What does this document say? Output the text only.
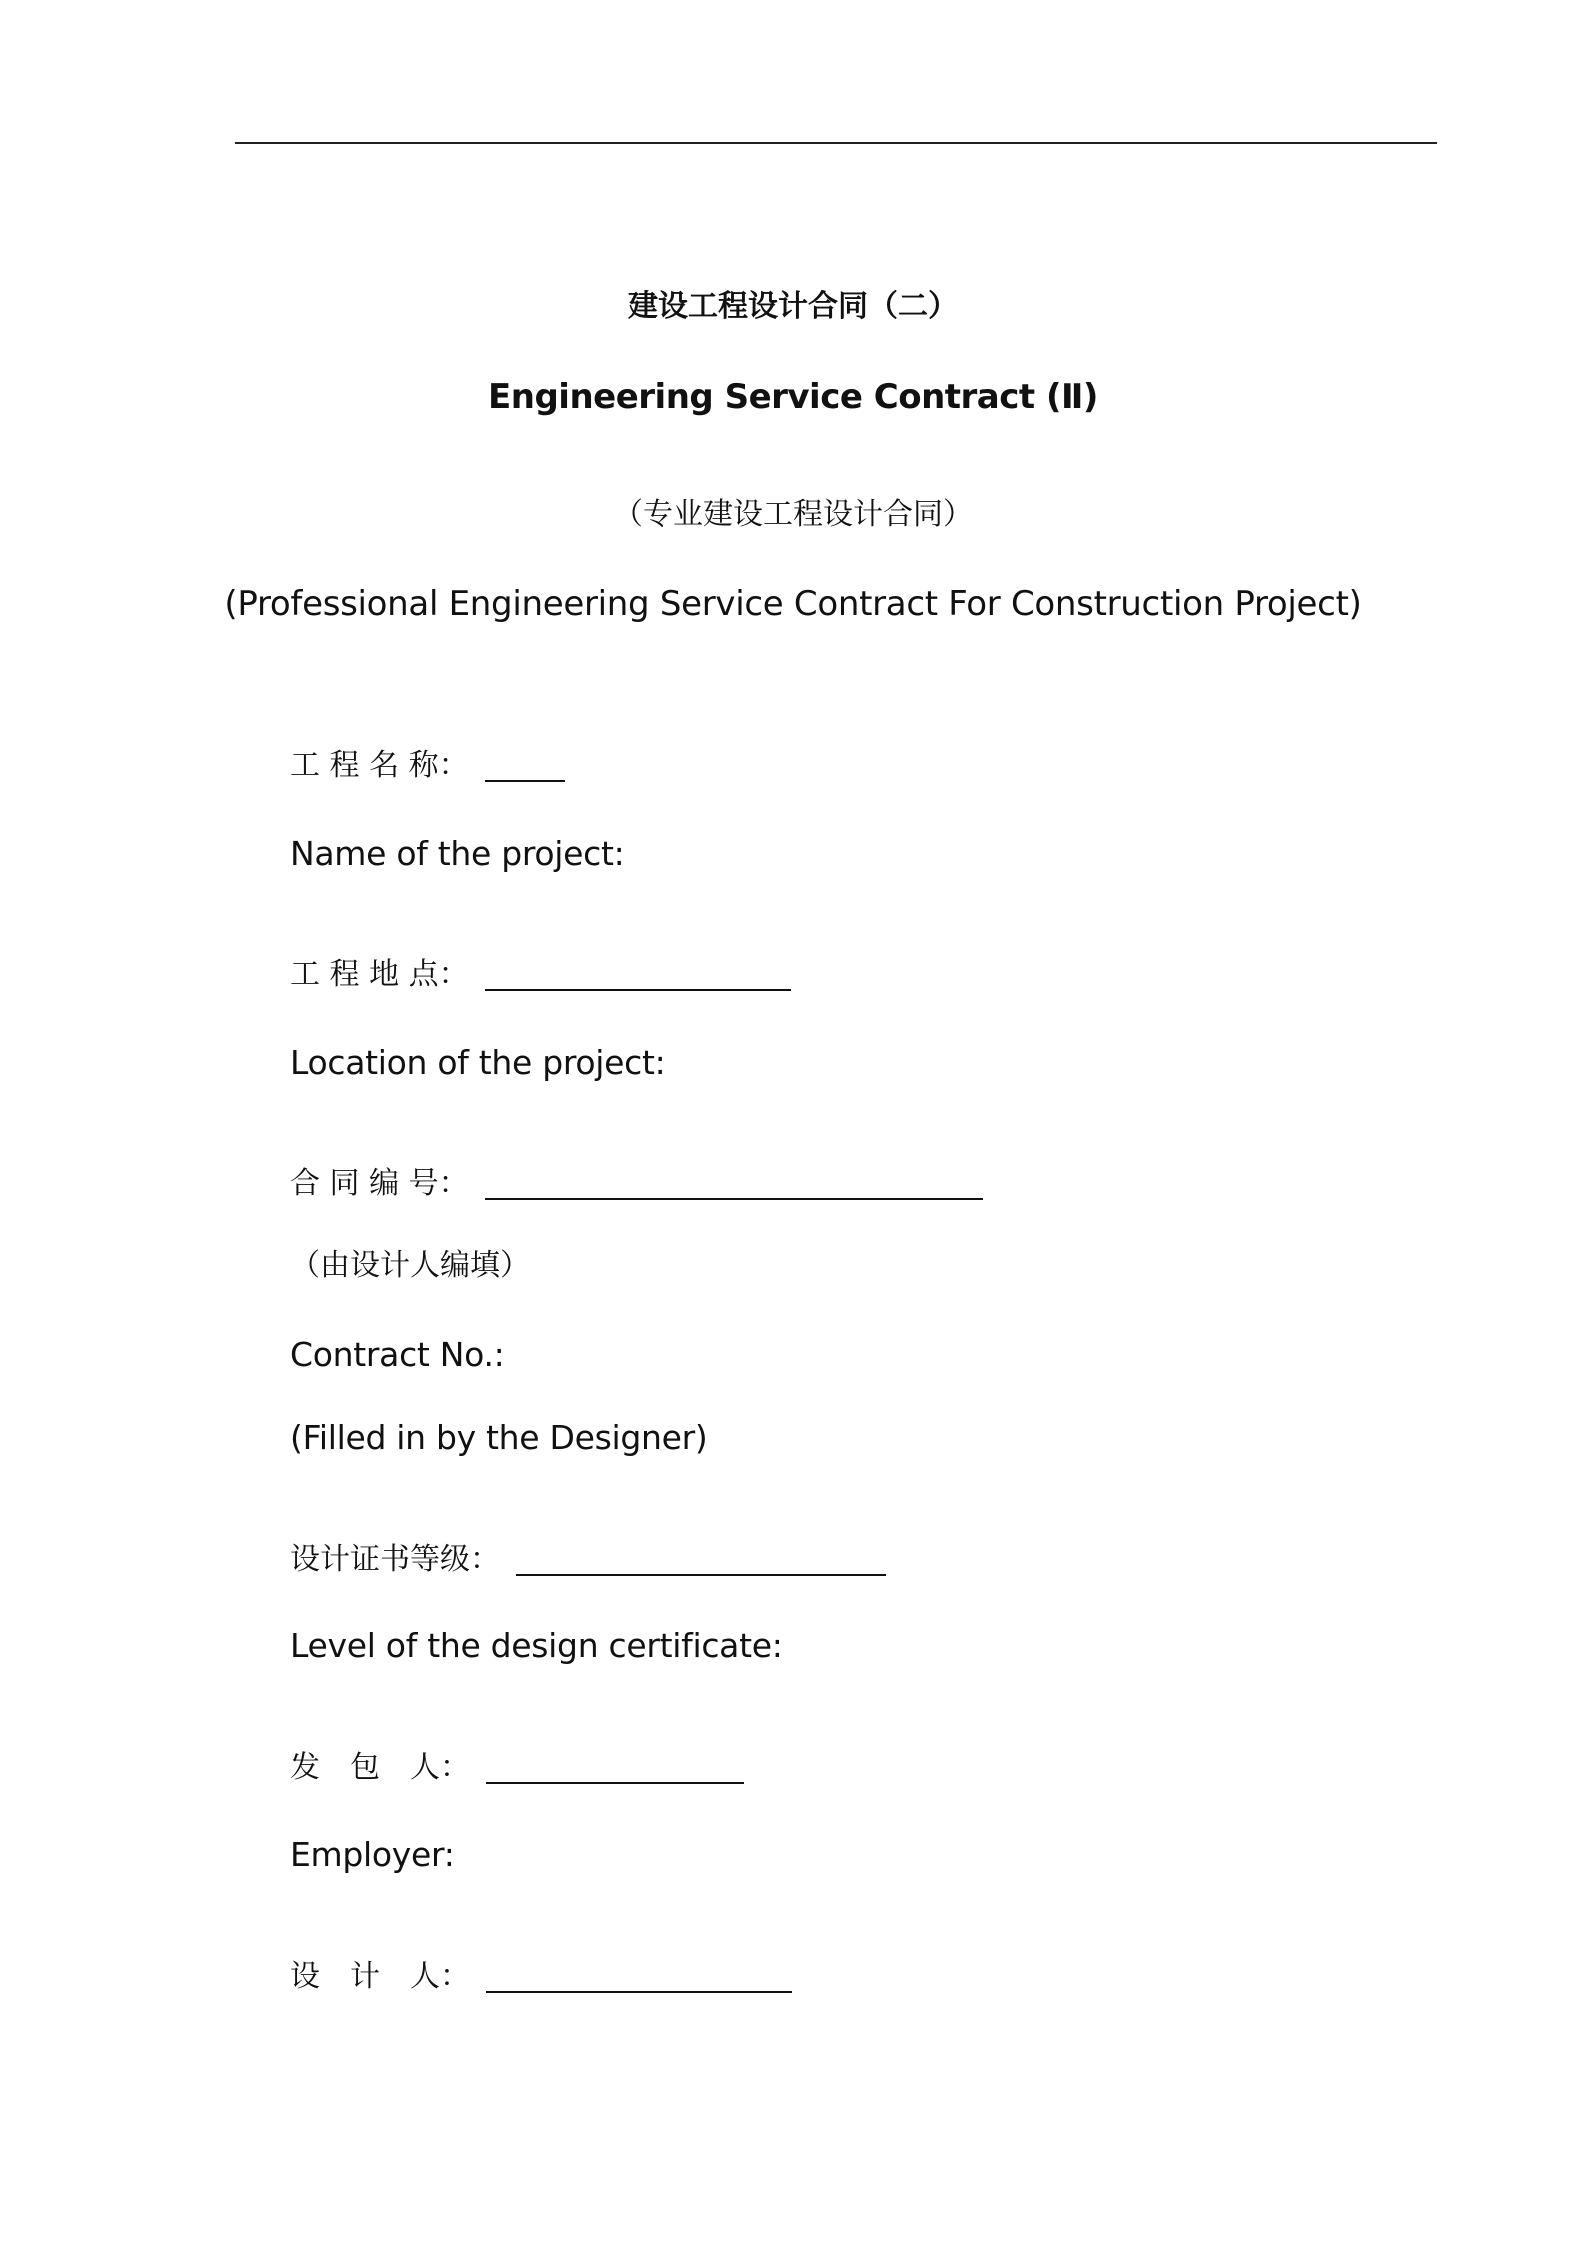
建设工程设计合同（二）
Engineering Service Contract (Ⅱ)
（专业建设工程设计合同）
(Professional Engineering Service Contract For Construction Project)
工 程 名 称：
Name of the project:
工 程 地 点：
Location of the project:
合 同 编 号：
（由设计人编填）
Contract No.:
(Filled in by the Designer)
设计证书等级：
Level of the design certificate:
发　包　人：
Employer:
设　计　人：
